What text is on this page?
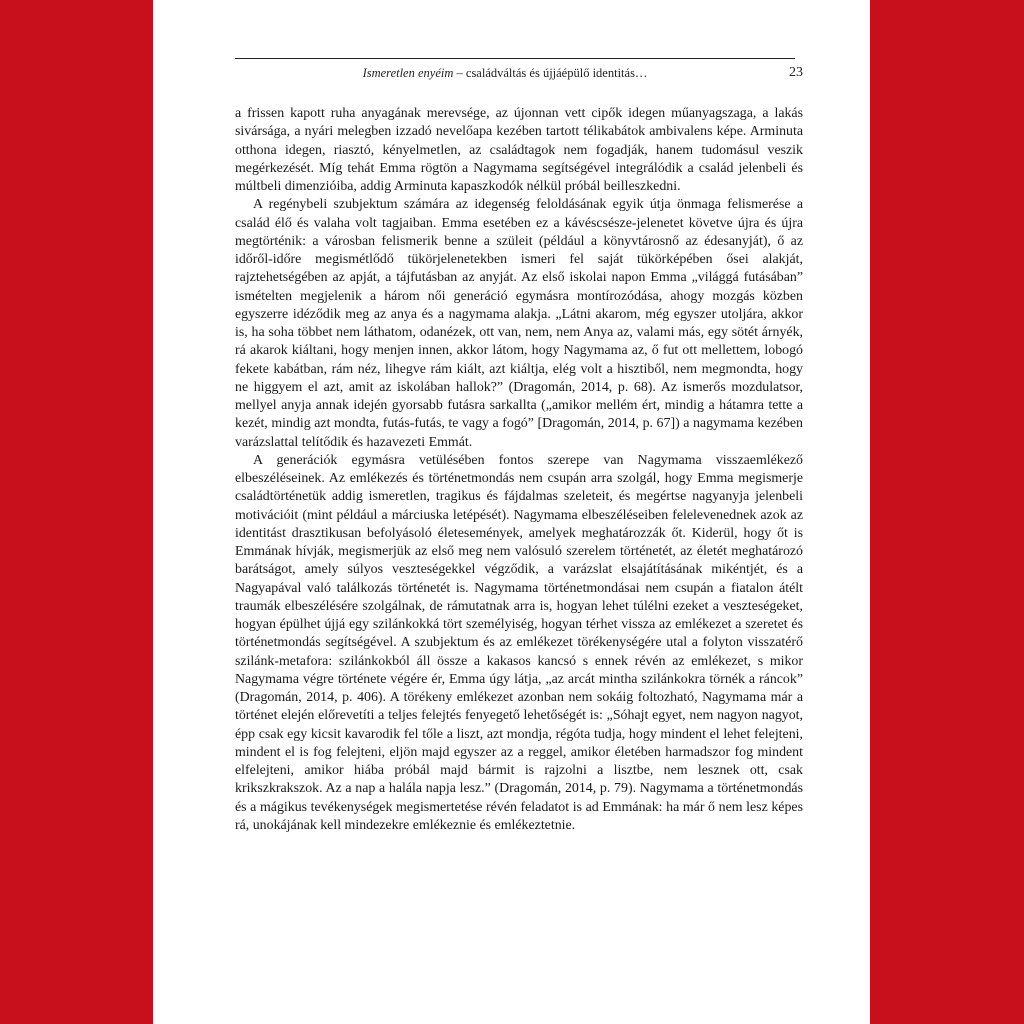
Ismeretlen enyéim – családváltás és újjáépülő identitás…	23

a frissen kapott ruha anyagának merevsége, az újonnan vett cipők idegen műanyagszaga, a lakás sivársága, a nyári melegben izzadó nevelőapa kezében tartott télikabátok ambivalens képe. Arminuta otthona idegen, riasztó, kényelmetlen, az családtagok nem fogadják, hanem tudomásul veszik megérkezését. Míg tehát Emma rögtön a Nagymama segítségével integrálódik a család jelenbeli és múltbeli dimenzióiba, addig Arminuta kapaszkodók nélkül próbál beilleszkedni.

A regénybeli szubjektum számára az idegenség feloldásának egyik útja önmaga felismerése a család élő és valaha volt tagjaiban. Emma esetében ez a kávéscsésze-jelenetet követve újra és újra megtörténik: a városban felismerik benne a szüleit (például a könyvtárosnő az édesanyját), ő az időről-időre megismétlődő tükörjelenetekben ismeri fel saját tükörképében ősei alakját, rajztehetségében az apját, a tájfutásban az anyját. Az első iskolai napon Emma „világgá futásában” ismételten megjelenik a három női generáció egymásra montírozódása, ahogy mozgás közben egyszerre idéződik meg az anya és a nagymama alakja. „Látni akarom, még egyszer utoljára, akkor is, ha soha többet nem láthatom, odanézek, ott van, nem, nem Anya az, valami más, egy sötét árnyék, rá akarok kiáltani, hogy menjen innen, akkor látom, hogy Nagymama az, ő fut ott mellettem, lobogó fekete kabátban, rám néz, lihegve rám kiált, azt kiáltja, elég volt a hisztiből, nem megmondta, hogy ne higgyem el azt, amit az iskolában hallok?” (Dragomán, 2014, p. 68). Az ismerős mozdulatsor, mellyel anyja annak idején gyorsabb futásra sarkallta („amikor mellém ért, mindig a hátamra tette a kezét, mindig azt mondta, futás-futás, te vagy a fogó” [Dragomán, 2014, p. 67]) a nagymama kezében varázslattal telítődik és hazavezeti Emmát.

A generációk egymásra vetülésében fontos szerepe van Nagymama visszaemlékező elbeszéléseinek. Az emlékezés és történetmondás nem csupán arra szolgál, hogy Emma megismerje családtörténetük addig ismeretlen, tragikus és fájdalmas szeleteit, és megértse nagyanyja jelenbeli motivációit (mint például a márciuska letépését). Nagymama elbeszéléseiben felelevenednek azok az identitást drasztikusan befolyásoló életesemények, amelyek meghatározzák őt. Kiderül, hogy őt is Emmának hívják, megismerjük az első meg nem valósuló szerelem történetét, az életét meghatározó barátságot, amely súlyos veszteségekkel végződik, a varázslat elsajátításának mikéntjét, és a Nagyapával való találkozás történetét is. Nagymama történetmondásai nem csupán a fiatalon átélt traumák elbeszélésére szolgálnak, de rámutatnak arra is, hogyan lehet túlélni ezeket a veszteségeket, hogyan épülhet újjá egy szilánkokká tört személyiség, hogyan térhet vissza az emlékezet a szeretet és történetmondás segítségével. A szubjektum és az emlékezet törékenységére utal a folyton visszatérő szilánk-metafora: szilánkokból áll össze a kakasos kancsó s ennek révén az emlékezet, s mikor Nagymama végre története végére ér, Emma úgy látja, „az arcát mintha szilánkokra törnék a ráncok” (Dragomán, 2014, p. 406). A törékeny emlékezet azonban nem sokáig foltozható, Nagymama már a történet elején előrevetíti a teljes felejtés fenyegető lehetőségét is: „Sóhajt egyet, nem nagyon nagyot, épp csak egy kicsit kavarodik fel tőle a liszt, azt mondja, régóta tudja, hogy mindent el lehet felejteni, mindent el is fog felejteni, eljön majd egyszer az a reggel, amikor életében harmadszor fog mindent elfelejteni, amikor hiába próbál majd bármit is rajzolni a lisztbe, nem lesznek ott, csak krikszkrakszok. Az a nap a halála napja lesz.” (Dragomán, 2014, p. 79). Nagymama a történetmondás és a mágikus tevékenységek megismertetése révén feladatot is ad Emmának: ha már ő nem lesz képes rá, unokájának kell mindezekre emlékeznie és emlékeztetnie.
